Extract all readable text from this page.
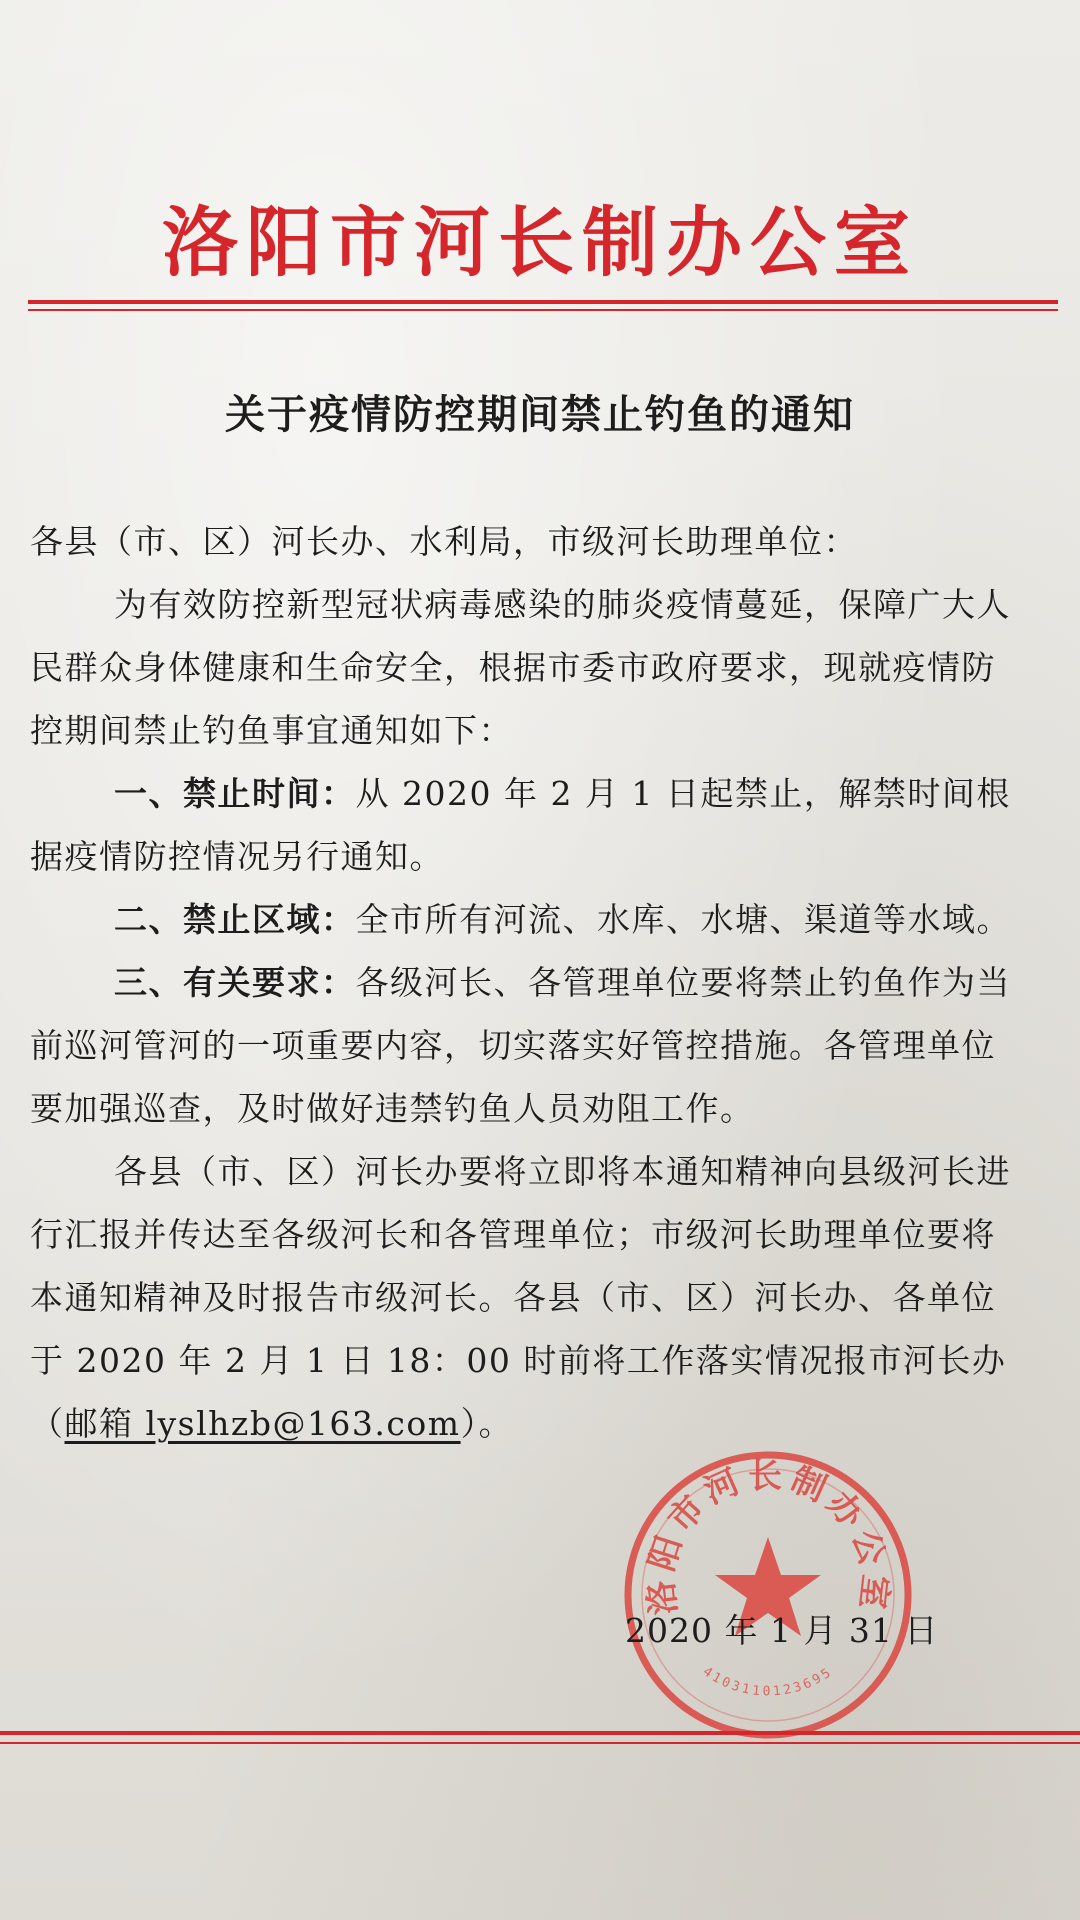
洛阳市河长制办公室
关于疫情防控期间禁止钓鱼的通知

各县（市、区）河长办、水利局，市级河长助理单位：

为有效防控新型冠状病毒感染的肺炎疫情蔓延，保障广大人民群众身体健康和生命安全，根据市委市政府要求，现就疫情防控期间禁止钓鱼事宜通知如下：

一、禁止时间：从 2020 年 2 月 1 日起禁止，解禁时间根据疫情防控情况另行通知。

二、禁止区域：全市所有河流、水库、水塘、渠道等水域。

三、有关要求：各级河长、各管理单位要将禁止钓鱼作为当前巡河管河的一项重要内容，切实落实好管控措施。各管理单位要加强巡查，及时做好违禁钓鱼人员劝阻工作。

各县（市、区）河长办要将立即将本通知精神向县级河长进行汇报并传达至各级河长和各管理单位；市级河长助理单位要将本通知精神及时报告市级河长。各县（市、区）河长办、各单位于 2020 年 2 月 1 日 18：00 时前将工作落实情况报市河长办（邮箱 lyslhzb@163.com）。

洛阳市河长制办公室
4103110123695
2020 年 1 月 31 日
